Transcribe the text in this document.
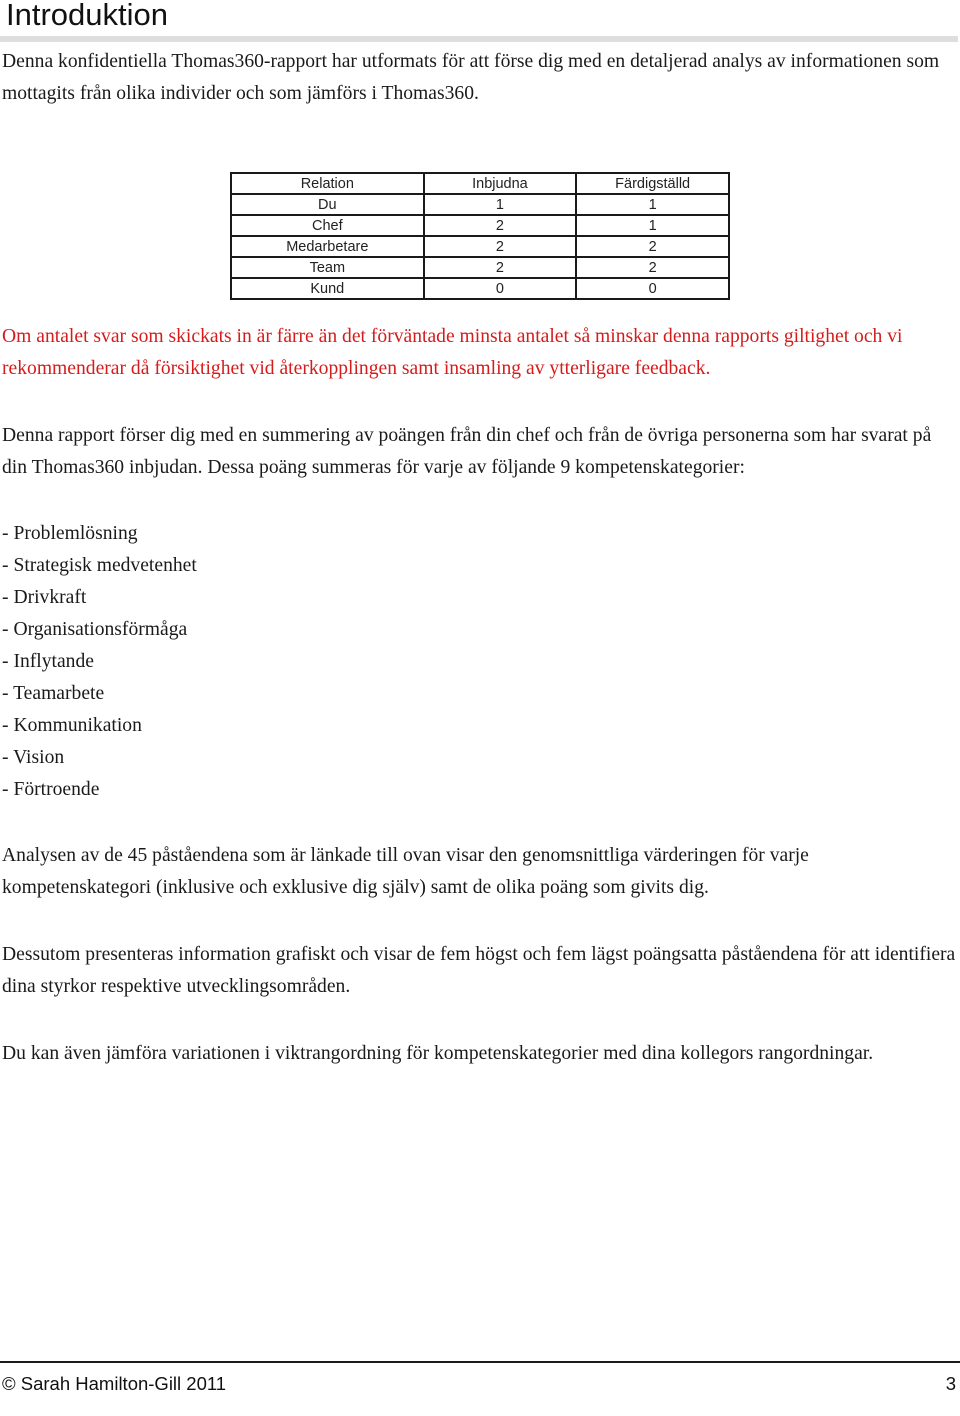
Introduktion

Denna konfidentiella Thomas360-rapport har utformats för att förse dig med en detaljerad analys av informationen som mottagits från olika individer och som jämförs i Thomas360.

Relation	Inbjudna	Färdigställd
Du	1	1
Chef	2	1
Medarbetare	2	2
Team	2	2
Kund	0	0

Om antalet svar som skickats in är färre än det förväntade minsta antalet så minskar denna rapports giltighet och vi rekommenderar då försiktighet vid återkopplingen samt insamling av ytterligare feedback.

Denna rapport förser dig med en summering av poängen från din chef och från de övriga personerna som har svarat på din Thomas360 inbjudan. Dessa poäng summeras för varje av följande 9 kompetenskategorier:

- Problemlösning
- Strategisk medvetenhet
- Drivkraft
- Organisationsförmåga
- Inflytande
- Teamarbete
- Kommunikation
- Vision
- Förtroende

Analysen av de 45 påståendena som är länkade till ovan visar den genomsnittliga värderingen för varje kompetenskategori (inklusive och exklusive dig själv) samt de olika poäng som givits dig.

Dessutom presenteras information grafiskt och visar de fem högst och fem lägst poängsatta påståendena för att identifiera dina styrkor respektive utvecklingsområden.

Du kan även jämföra variationen i viktrangordning för kompetenskategorier med dina kollegors rangordningar.

© Sarah Hamilton-Gill 2011	3
